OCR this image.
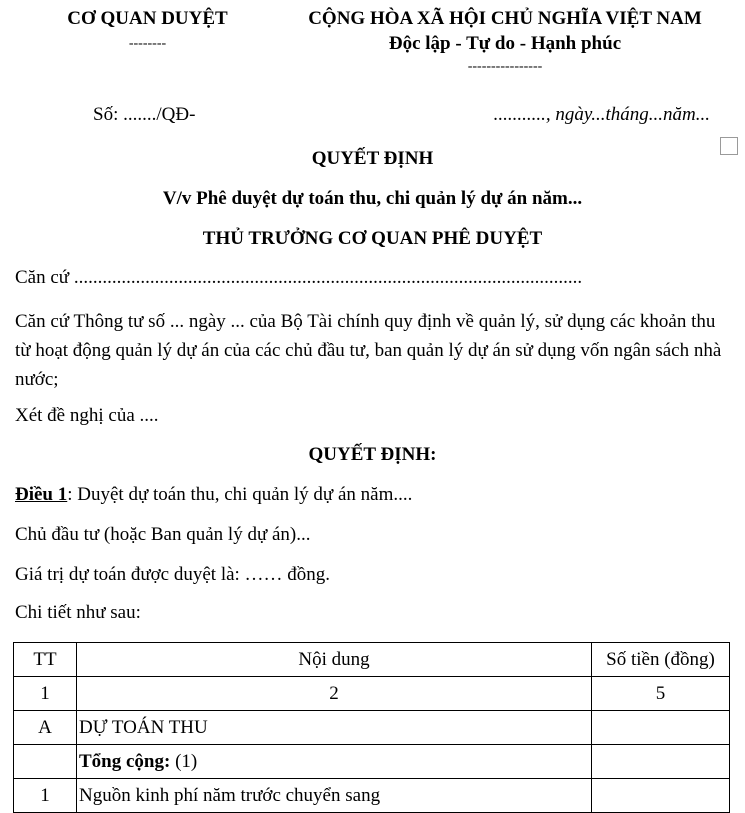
CƠ QUAN DUYỆT
--------
CỘNG HÒA XÃ HỘI CHỦ NGHĨA VIỆT NAM
Độc lập - Tự do - Hạnh phúc
----------------
Số: ......./QĐ-	..........., ngày...tháng...năm...
QUYẾT ĐỊNH
V/v Phê duyệt dự toán thu, chi quản lý dự án năm...
THỦ TRƯỞNG CƠ QUAN PHÊ DUYỆT
Căn cứ ...........................................................................................................
Căn cứ Thông tư số ... ngày ... của Bộ Tài chính quy định về quản lý, sử dụng các khoản thu từ hoạt động quản lý dự án của các chủ đầu tư, ban quản lý dự án sử dụng vốn ngân sách nhà nước;
Xét đề nghị của ....
QUYẾT ĐỊNH:
Điều 1: Duyệt dự toán thu, chi quản lý dự án năm....
Chủ đầu tư (hoặc Ban quản lý dự án)...
Giá trị dự toán được duyệt là: …… đồng.
Chi tiết như sau:
TT	Nội dung	Số tiền (đồng)
1	2	5
A	DỰ TOÁN THU	
	Tổng cộng: (1)	
1	Nguồn kinh phí năm trước chuyển sang	
